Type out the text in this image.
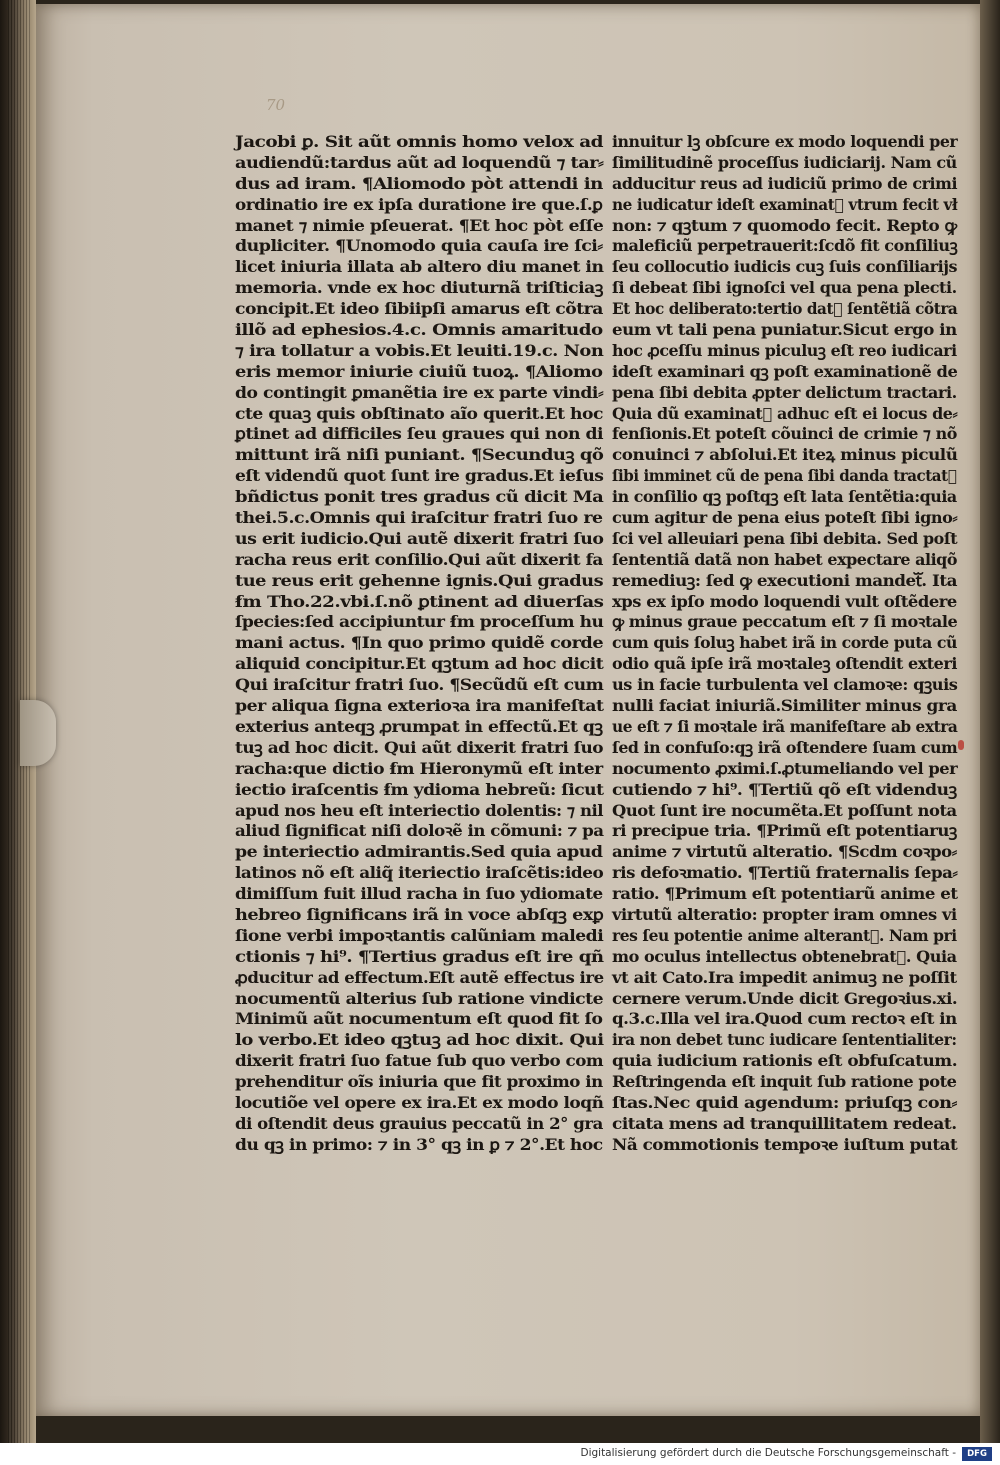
70
Jacobi ꝑ. Sit aũt omnis homo velox ad
audiendũ:tardus aũt ad loquendũ ⁊ tar⸗
dus ad iram. ¶Aliomodo pòt attendi in
ordinatio ire ex ipſa duratione ire que.ſ.ꝑ
manet ⁊ nimie pſeuerat. ¶Et hoc pòt eſſe
dupliciter. ¶Unomodo quia cauſa ire ſci⸗
licet iniuria illata ab altero diu manet in
memoria. vnde ex hoc diuturnã triſticiaꝫ
concipit.Et ideo ſibiipſi amarus eſt cõtra
illõ ad ephesios.4.c. Omnis amaritudo
⁊ ira tollatur a vobis.Et leuiti.19.c. Non
eris memor iniurie ciuiũ tuoꝝ. ¶Aliomo
do contingit ꝑmanẽtia ire ex parte vindi⸗
cte quaꝫ quis obſtinato aĩo querit.Et hoc
ꝑtinet ad difficiles ſeu graues qui non di
mittunt irã niſi puniant. ¶Secunduꝫ qõ
eſt videndũ quot ſunt ire gradus.Et ieſus
bñdictus ponit tres gradus cũ dicit Ma
thei.5.c.Omnis qui iraſcitur fratri ſuo re
us erit iudicio.Qui autẽ dixerit fratri ſuo
racha reus erit conſilio.Qui aũt dixerit fa
tue reus erit gehenne ignis.Qui gradus
ẜm Tho.22.vbi.ſ.nõ ꝑtinent ad diuerſas
ſpecies:ſed accipiuntur ẜm proceſſum hu
mani actus. ¶In quo primo quidẽ corde
aliquid concipitur.Et qꝫtum ad hoc dicit
Qui iraſcitur fratri ſuo. ¶Secũdũ eſt cum
per aliqua ſigna exterioꝛa ira manifeſtat
exterius anteqꝫ ꝓrumpat in effectũ.Et qꝫ
tuꝫ ad hoc dicit. Qui aũt dixerit fratri ſuo
racha:que dictio ẜm Hieronymũ eſt inter
iectio iraſcentis ẜm ydioma hebreũ: ſicut
apud nos heu eſt interiectio dolentis: ⁊ nil
aliud ſignificat niſi doloꝛẽ in cõmuni: ⁊ pa
pe interiectio admirantis.Sed quia apud
latinos nõ eſt aliq̃ iteriectio iraſcẽtis:ideo
dimiſſum fuit illud racha in ſuo ydiomate
hebreo ſignificans irã in voce abſqꝫ exꝑ
ſione verbi impoꝛtantis calũniam maledi
ctionis ⁊ hi⁹. ¶Tertius gradus eſt ire qñ
ꝓducitur ad effectum.Eſt autẽ effectus ire
nocumentũ alterius ſub ratione vindicte
Minimũ aũt nocumentum eſt quod fit ſo
lo verbo.Et ideo qꝫtuꝫ ad hoc dixit. Qui
dixerit fratri ſuo fatue ſub quo verbo com
prehenditur oĩs iniuria que fit proximo in
locutiõe vel opere ex ira.Et ex modo loqñ
di oſtendit deus grauius peccatũ in 2° gra
du qꝫ in primo: ⁊ in 3° qꝫ in ꝑ ⁊ 2°.Et hoc
innuitur lꝫ obſcure ex modo loquendi per
ſimilitudinẽ proceſſus iudiciarij. Nam cũ
adducitur reus ad iudiciũ primo de crimi
ne iudicatur ideſt examinatᷓ vtrum fecit vł
non: ⁊ qꝫtum ⁊ quomodo fecit. Repto ꝙ
maleficiũ perpetrauerit:ſcdõ fit conſiliuꝫ
ſeu collocutio iudicis cuꝫ ſuis conſiliarijs
ſi debeat ſibi ignoſci vel qua pena plecti.
Et hoc deliberato:tertio datᷓ ſentẽtiã cõtra
eum vt tali pena puniatur.Sicut ergo in
hoc ꝓceſſu minus piculuꝫ eſt reo iudicari
ideſt examinari qꝫ poſt examinationẽ de
pena ſibi debita ꝓpter delictum tractari.
Quia dũ examinatᷓ adhuc eſt ei locus de⸗
fenſionis.Et poteſt cõuinci de crimie ⁊ nõ
conuinci ⁊ abſolui.Et iteꝝ minus piculũ
ſibi imminet cũ de pena ſibi danda tractatᷓ
in conſilio qꝫ poſtqꝫ eſt lata ſentẽtia:quia
cum agitur de pena eius poteſt ſibi igno⸗
ſci vel alleuiari pena ſibi debita. Sed poſt
ſententiã datã non habet expectare aliqõ
remediuꝫ: ſed ꝙ executioni mandetᷓ. Ita
xps ex ipſo modo loquendi vult oſtẽdere
ꝙ minus graue peccatum eſt ⁊ ſi moꝛtale
cum quis ſoluꝫ habet irã in corde puta cũ
odio quã ipſe irã moꝛtaleꝫ oſtendit exteri
us in facie turbulenta vel clamoꝛe: qꝫuis
nulli faciat iniuriã.Similiter minus gra
ue eſt ⁊ ſi moꝛtale irã manifeſtare ab extra
ſed in confuſo:qꝫ irã oſtendere ſuam cum
nocumento ꝓximi.ſ.ꝓtumeliando vel per
cutiendo ⁊ hi⁹. ¶Tertiũ qõ eſt videnduꝫ
Quot ſunt ire nocumẽta.Et poſſunt nota
ri precipue tria. ¶Primũ eſt potentiaruꝫ
anime ⁊ virtutũ alteratio. ¶Scdm coꝛpo⸗
ris defoꝛmatio. ¶Tertiũ fraternalis ſepa⸗
ratio. ¶Primum eſt potentiarũ anime et
virtutũ alteratio: propter iram omnes vi
res ſeu potentie anime alterantᷓ. Nam pri
mo oculus intellectus obtenebratᷓ. Quia
vt ait Cato.Ira impedit animuꝫ ne poſſit
cernere verum.Unde dicit Gregoꝛius.xi.
q.3.c.Illa vel ira.Quod cum rectoꝛ eſt in
ira non debet tunc iudicare ſententialiter:
quia iudicium rationis eſt obfuſcatum.
Reſtringenda eſt inquit ſub ratione pote
ſtas.Nec quid agendum: priuſqꝫ con⸗
citata mens ad tranquillitatem redeat.
Nã commotionis tempoꝛe iuſtum putat
Digitalisierung gefördert durch die Deutsche Forschungsgemeinschaft -	DFG
